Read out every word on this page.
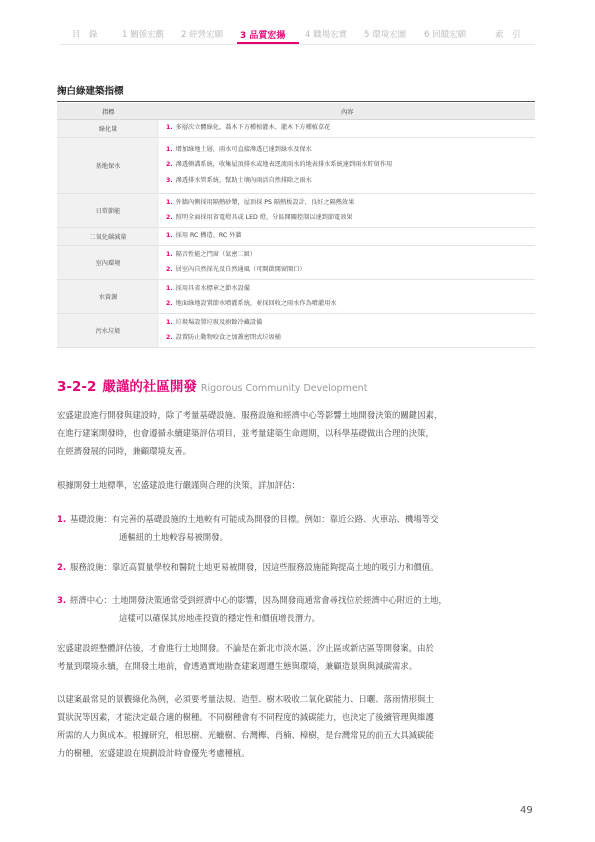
目　錄	1 關係宏觀 2 經營宏願 3 品質宏揚 4 職場宏實 5 環境宏圖 6 回饋宏願	索　引
掬白綠建築指標
指標	內容
綠化量	1. 多層次立體綠化，喬木下方種植灌木、灌木下方種植草花

基地保水	1. 增加綠地土層，雨水可直接滲透已達到綠水及保水
2. 滲透側溝系統，收集屋頂排水或地表逕流雨水的地表排水系統達到雨水貯留作用
3. 滲透排水管系統，幫助土壤內雨活自然排除之雨水

日常節能	1. 外牆內側採用隔熱砂漿，屋頂採 PS 隔熱板設計，良好之隔熱效果
2. 照明全面採用省電燈具或 LED 燈，分區開關控制以達到節電效果

二氧化碳減量	1. 採用 RC 構造、RC 外牆

室內環境	1. 隔音性能之門窗（氣密二級）
2. 居室內自然採光及自然通風（可開啟開窗開口）

水資源	1. 採用具省水標章之節水設備
2. 地面綠地設置節水噴灌系統，並採回收之雨水作為噴灌用水

污水垃圾	1. 垃圾場設置垃圾及廚餘冷藏設備
2. 設置防止動物咬食之加蓋密閉式垃圾桶
3-2-2 嚴謹的社區開發 Rigorous Community Development

宏盛建設進行開發與建設時，除了考量基礎設施、服務設施和經濟中心等影響土地開發決策的關鍵因素，

在進行建案開發時，也會遵循永續建築評估項目，並考量建築生命週期，以科學基礎做出合理的決策，

在經濟發展的同時，兼顧環境友善。

根據開發土地標準，宏盛建設進行嚴謹與合理的決策，詳加評估：

1. 基礎設施：有完善的基礎設施的土地較有可能成為開發的目標。例如：靠近公路、火車站、機場等交
通樞紐的土地較容易被開發。
2. 服務設施：靠近高質量學校和醫院土地更易被開發，因這些服務設施能夠提高土地的吸引力和價值。
3. 經濟中心：土地開發決策通常受到經濟中心的影響，因為開發商通常會尋找位於經濟中心附近的土地，
這樣可以確保其房地產投資的穩定性和價值增長潛力。

宏盛建設經整體評估後，才會進行土地開發。不論是在新北市淡水區、汐止區或新店區等開發案，由於

考量到環境永續，在開發土地前，會透過實地勘查建案週遭生態與環境，兼顧造景與與減碳需求。

以建案最常見的景觀綠化為例，必須要考量法規、造型、樹木吸收二氧化碳能力、日曬、落雨情形與土

質狀況等因素，才能決定最合適的樹種。不同樹種會有不同程度的減碳能力，也決定了後續管理與維護

所需的人力與成本。根據研究，相思樹、光蠟樹、台灣櫸、肖楠、樟樹，是台灣常見的前五大具減碳能

力的樹種，宏盛建設在規劃設計時會優先考慮種植。

49
